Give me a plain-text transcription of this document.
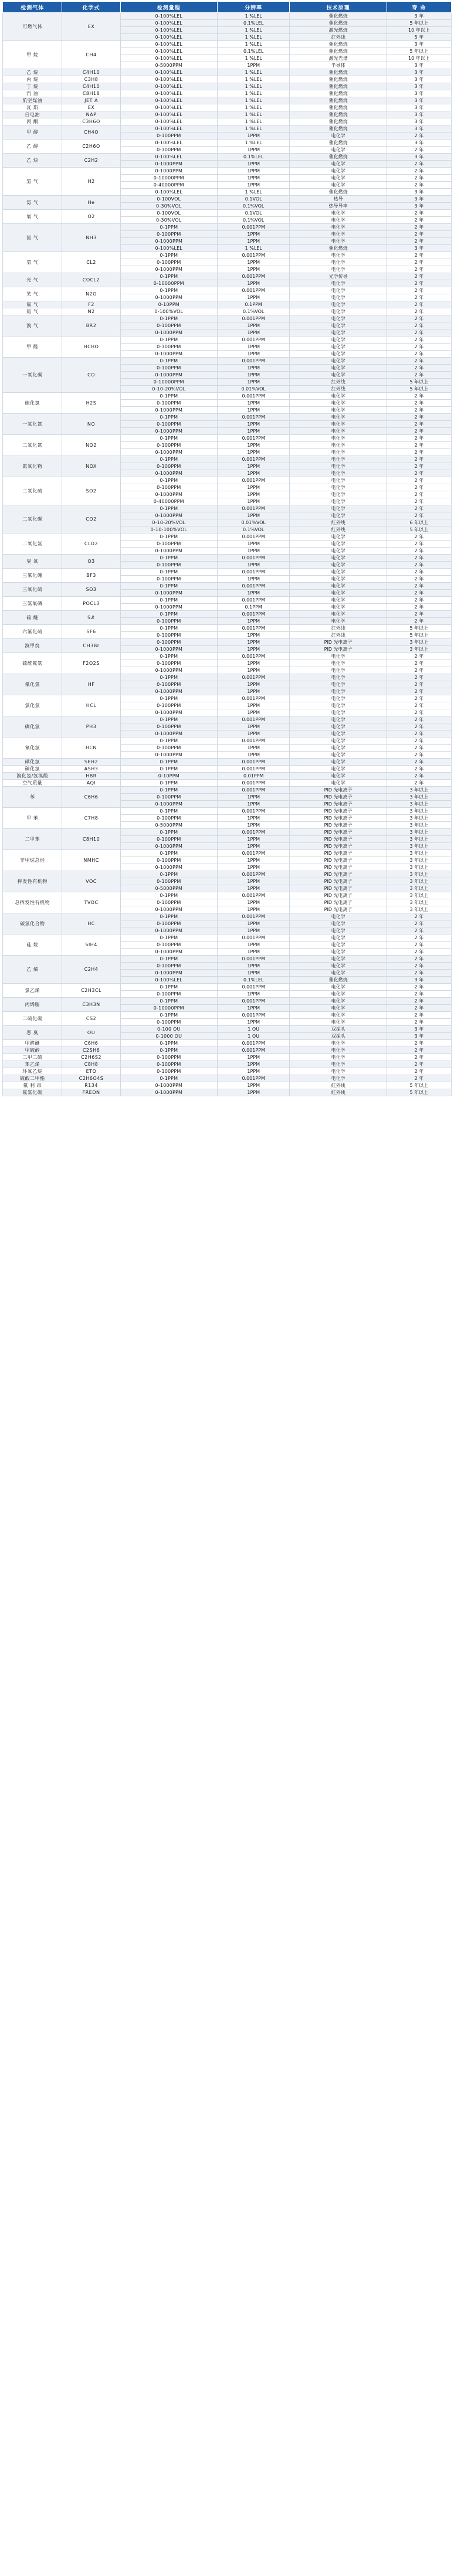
检测气体	化学式	检测量程	分辨率	技术原理	寿 命
可燃气体	EX	0-100%LEL	1 %LEL	催化燃烧	3 年
		0-100%LEL	0.1%LEL	催化燃烧	5 年以上
		0-100%LEL	1 %LEL	激光燃烧	10 年以上
		0-100%LEL	1 %LEL	红外线	5 年
甲 烷	CH4	0-100%LEL	1 %LEL	催化燃烧	3 年
		0-100%LEL	0.1%LEL	催化燃烧	5 年以上
		0-100%LEL	1 %LEL	激光光谱	10 年以上
		0-5000PPM	1PPM	半导体	3 年
乙 烷	C4H10	0-100%LEL	1 %LEL	催化燃烧	3 年
丙 烷	C3H8	0-100%LEL	1 %LEL	催化燃烧	3 年
丁 烷	C4H10	0-100%LEL	1 %LEL	催化燃烧	3 年
汽 油	C8H18	0-100%LEL	1 %LEL	催化燃烧	3 年
航空煤油	JET A	0-100%LEL	1 %LEL	催化燃烧	3 年
瓦 斯	EX	0-100%LEL	1 %LEL	催化燃烧	3 年
白电油	NAP	0-100%LEL	1 %LEL	催化燃烧	3 年
丙 酮	C3H6O	0-100%LEL	1 %LEL	催化燃烧	3 年
甲 醇	CH4O	0-100%LEL	1 %LEL	催化燃烧	3 年
		0-100PPM	1PPM	电化学	2 年
乙 醇	C2H6O	0-100%LEL	1 %LEL	催化燃烧	3 年
		0-100PPM	1PPM	电化学	2 年
乙 炔	C2H2	0-100%LEL	0.1%LEL	催化燃烧	3 年
		0-1000PPM	1PPM	电化学	2 年
氢 气	H2	0-1000PPM	1PPM	电化学	2 年
		0-10000PPM	1PPM	电化学	2 年
		0-40000PPM	1PPM	电化学	2 年
		0-100%LEL	1 %LEL	催化燃烧	3 年
氦 气	He	0-100VOL	0.1VOL	热导	3 年
		0-30%VOL	0.1%VOL	热导导率	3 年
氧 气	O2	0-100VOL	0.1VOL	电化学	2 年
		0-30%VOL	0.1%VOL	电化学	2 年
氨 气	NH3	0-1PPM	0.001PPM	电化学	2 年
		0-100PPM	1PPM	电化学	2 年
		0-1000PPM	1PPM	电化学	2 年
		0-100%LEL	1 %LEL	催化燃烧	3 年
氯 气	CL2	0-1PPM	0.001PPM	电化学	2 年
		0-100PPM	1PPM	电化学	2 年
		0-1000PPM	1PPM	电化学	2 年
光 气	COCL2	0-1PPM	0.001PPM	光学传导	2 年
		0-10000PPM	1PPM	电化学	2 年
笑 气	N2O	0-1PPM	0.001PPM	电化学	2 年
		0-1000PPM	1PPM	电化学	2 年
氟 气	F2	0-10PPM	0.1PPM	电化学	2 年
氮 气	N2	0-100%VOL	0.1%VOL	电化学	2 年
溴 气	BR2	0-1PPM	0.001PPM	电化学	2 年
		0-100PPM	1PPM	电化学	2 年
		0-1000PPM	1PPM	电化学	2 年
甲 醛	HCHO	0-1PPM	0.001PPM	电化学	2 年
		0-100PPM	1PPM	电化学	2 年
		0-1000PPM	1PPM	电化学	2 年
一氧化碳	CO	0-1PPM	0.001PPM	电化学	2 年
		0-100PPM	1PPM	电化学	2 年
		0-1000PPM	1PPM	电化学	2 年
		0-10000PPM	1PPM	红外线	5 年以上
		0-10-20%VOL	0.01%VOL	红外线	5 年以上
硫化氢	H2S	0-1PPM	0.001PPM	电化学	2 年
		0-100PPM	1PPM	电化学	2 年
		0-1000PPM	1PPM	电化学	2 年
一氧化氮	NO	0-1PPM	0.001PPM	电化学	2 年
		0-100PPM	1PPM	电化学	2 年
		0-1000PPM	1PPM	电化学	2 年
二氧化氮	NO2	0-1PPM	0.001PPM	电化学	2 年
		0-100PPM	1PPM	电化学	2 年
		0-1000PPM	1PPM	电化学	2 年
氮氧化物	NOX	0-1PPM	0.001PPM	电化学	2 年
		0-100PPM	1PPM	电化学	2 年
		0-1000PPM	1PPM	电化学	2 年
二氧化硫	SO2	0-1PPM	0.001PPM	电化学	2 年
		0-100PPM	1PPM	电化学	2 年
		0-1000PPM	1PPM	电化学	2 年
		0-40000PPM	1PPM	电化学	2 年
二氧化碳	CO2	0-1PPM	0.001PPM	电化学	2 年
		0-1000PPM	1PPM	电化学	2 年
		0-10-20%VOL	0.01%VOL	红外线	6 年以上
		0-10-100%VOL	0.1%VOL	红外线	5 年以上
二氧化氯	CLO2	0-1PPM	0.001PPM	电化学	2 年
		0-100PPM	1PPM	电化学	2 年
		0-1000PPM	1PPM	电化学	2 年
臭 氧	O3	0-1PPM	0.001PPM	电化学	2 年
		0-100PPM	1PPM	电化学	2 年
三氟化硼	BF3	0-1PPM	0.001PPM	电化学	2 年
		0-100PPM	1PPM	电化学	2 年
三氧化硫	SO3	0-1PPM	0.001PPM	电化学	2 年
		0-1000PPM	1PPM	电化学	2 年
三氯氧磷	POCL3	0-1PPM	0.001PPM	电化学	2 年
		0-1000PPM	0.1PPM	电化学	2 年
硫 醚	S#	0-1PPM	0.001PPM	电化学	2 年
		0-100PPM	1PPM	电化学	2 年
六氟化硫	SF6	0-1PPM	0.001PPM	红外线	5 年以上
		0-100PPM	1PPM	红外线	5 年以上
溴甲烷	CH3Br	0-100PPM	1PPM	PID 光电离子	3 年以上
		0-1000PPM	1PPM	PID 光电离子	3 年以上
硫酰氟氯	F2O2S	0-1PPM	0.001PPM	电化学	2 年
		0-100PPM	1PPM	电化学	2 年
		0-1000PPM	1PPM	电化学	2 年
氟化氢	HF	0-1PPM	0.001PPM	电化学	2 年
		0-100PPM	1PPM	电化学	2 年
		0-1000PPM	1PPM	电化学	2 年
氯化氢	HCL	0-1PPM	0.001PPM	电化学	2 年
		0-100PPM	1PPM	电化学	2 年
		0-1000PPM	1PPM	电化学	2 年
磷化氢	PH3	0-1PPM	0.001PPM	电化学	2 年
		0-100PPM	1PPM	电化学	2 年
		0-1000PPM	1PPM	电化学	2 年
氰化氢	HCN	0-1PPM	0.001PPM	电化学	2 年
		0-100PPM	1PPM	电化学	2 年
		0-1000PPM	1PPM	电化学	2 年
硒化氢	SEH2	0-1PPM	0.001PPM	电化学	2 年
砷化氢	ASH3	0-1PPM	0.001PPM	电化学	2 年
溴化氢/氢溴酸	HBR	0-10PPM	0.01PPM	电化学	2 年
空气质量	AQI	0-1PPM	0.001PPM	电化学	2 年
苯	C6H6	0-1PPM	0.001PPM	PID 光电离子	3 年以上
		0-100PPM	1PPM	PID 光电离子	3 年以上
		0-1000PPM	1PPM	PID 光电离子	3 年以上
甲 苯	C7H8	0-1PPM	0.001PPM	PID 光电离子	3 年以上
		0-100PPM	1PPM	PID 光电离子	3 年以上
		0-5000PPM	1PPM	PID 光电离子	3 年以上
二甲苯	C8H10	0-1PPM	0.001PPM	PID 光电离子	3 年以上
		0-100PPM	1PPM	PID 光电离子	3 年以上
		0-1000PPM	1PPM	PID 光电离子	3 年以上
非甲烷总烃	NMHC	0-1PPM	0.001PPM	PID 光电离子	3 年以上
		0-100PPM	1PPM	PID 光电离子	3 年以上
		0-1000PPM	1PPM	PID 光电离子	3 年以上
挥发性有机物	VOC	0-1PPM	0.001PPM	PID 光电离子	3 年以上
		0-100PPM	1PPM	PID 光电离子	3 年以上
		0-5000PPM	1PPM	PID 光电离子	3 年以上
总挥发性有机物	TVOC	0-1PPM	0.001PPM	PID 光电离子	3 年以上
		0-100PPM	1PPM	PID 光电离子	3 年以上
		0-1000PPM	1PPM	PID 光电离子	3 年以上
碳氢化合物	HC	0-1PPM	0.001PPM	电化学	2 年
		0-100PPM	1PPM	电化学	2 年
		0-1000PPM	1PPM	电化学	2 年
硅 烷	SIH4	0-1PPM	0.001PPM	电化学	2 年
		0-100PPM	1PPM	电化学	2 年
		0-1000PPM	1PPM	电化学	2 年
乙 烯	C2H4	0-1PPM	0.001PPM	电化学	2 年
		0-100PPM	1PPM	电化学	2 年
		0-1000PPM	1PPM	电化学	2 年
		0-100%LEL	0.1%LEL	催化燃烧	3 年
氯乙烯	C2H3CL	0-1PPM	0.001PPM	电化学	2 年
		0-100PPM	1PPM	电化学	2 年
丙烯腈	C3H3N	0-1PPM	0.001PPM	电化学	2 年
		0-10000PPM	1PPM	电化学	2 年
二硫化碳	CS2	0-1PPM	0.001PPM	电化学	2 年
		0-100PPM	1PPM	电化学	2 年
恶 臭	OU	0-100 OU	1 OU	双探头	3 年
		0-1000 OU	1 OU	双探头	3 年
甲醛醚	C6H6	0-1PPM	0.001PPM	电化学	2 年
甲硫醇	C2SH6	0-1PPM	0.001PPM	电化学	2 年
二甲二硫	C2H6S2	0-100PPM	1PPM	电化学	2 年
苯乙烯	C8H8	0-100PPM	1PPM	电化学	2 年
环氧乙烷	ETO	0-100PPM	1PPM	电化学	2 年
硫酸二甲酯	C2H6O4S	0-1PPM	0.001PPM	电化学	2 年
氟 利 昂	R134	0-1000PPM	1PPM	红外线	5 年以上
氟氯化碳	FREON	0-1000PPM	1PPM	红外线	5 年以上
